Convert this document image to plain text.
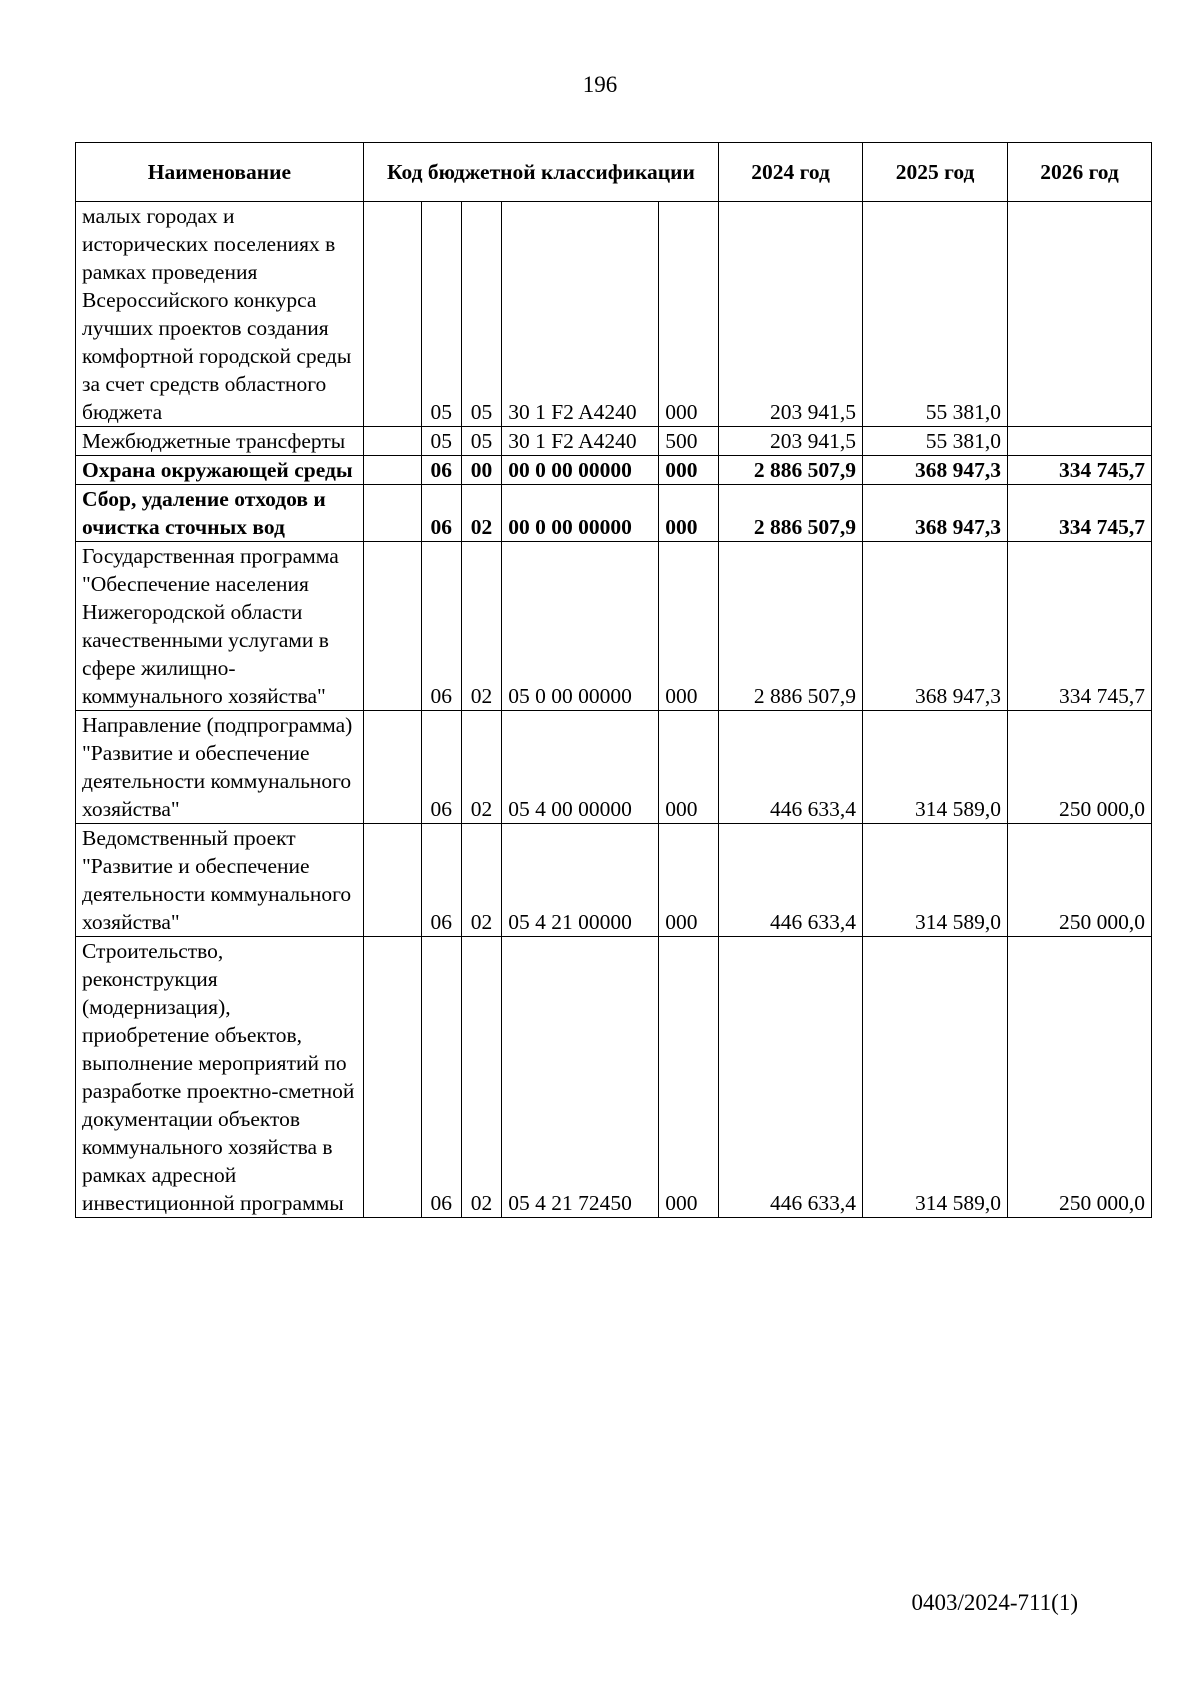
196
Наименование	Код бюджетной классификации					2024 год	2025 год	2026 год
малых городах и исторических поселениях в рамках проведения Всероссийского конкурса лучших проектов создания комфортной городской среды за счет средств областного бюджета		05	05	30 1 F2 A4240	000	203 941,5	55 381,0	
Межбюджетные трансферты		05	05	30 1 F2 A4240	500	203 941,5	55 381,0	
Охрана окружающей среды		06	00	00 0 00 00000	000	2 886 507,9	368 947,3	334 745,7
Сбор, удаление отходов и очистка сточных вод		06	02	00 0 00 00000	000	2 886 507,9	368 947,3	334 745,7
Государственная программа "Обеспечение населения Нижегородской области качественными услугами в сфере жилищно-коммунального хозяйства"		06	02	05 0 00 00000	000	2 886 507,9	368 947,3	334 745,7
Направление (подпрограмма) "Развитие и обеспечение деятельности коммунального хозяйства"		06	02	05 4 00 00000	000	446 633,4	314 589,0	250 000,0
Ведомственный проект "Развитие и обеспечение деятельности коммунального хозяйства"		06	02	05 4 21 00000	000	446 633,4	314 589,0	250 000,0
Строительство, реконструкция (модернизация), приобретение объектов, выполнение мероприятий по разработке проектно-сметной документации объектов коммунального хозяйства в рамках адресной инвестиционной программы		06	02	05 4 21 72450	000	446 633,4	314 589,0	250 000,0
0403/2024-711(1)
